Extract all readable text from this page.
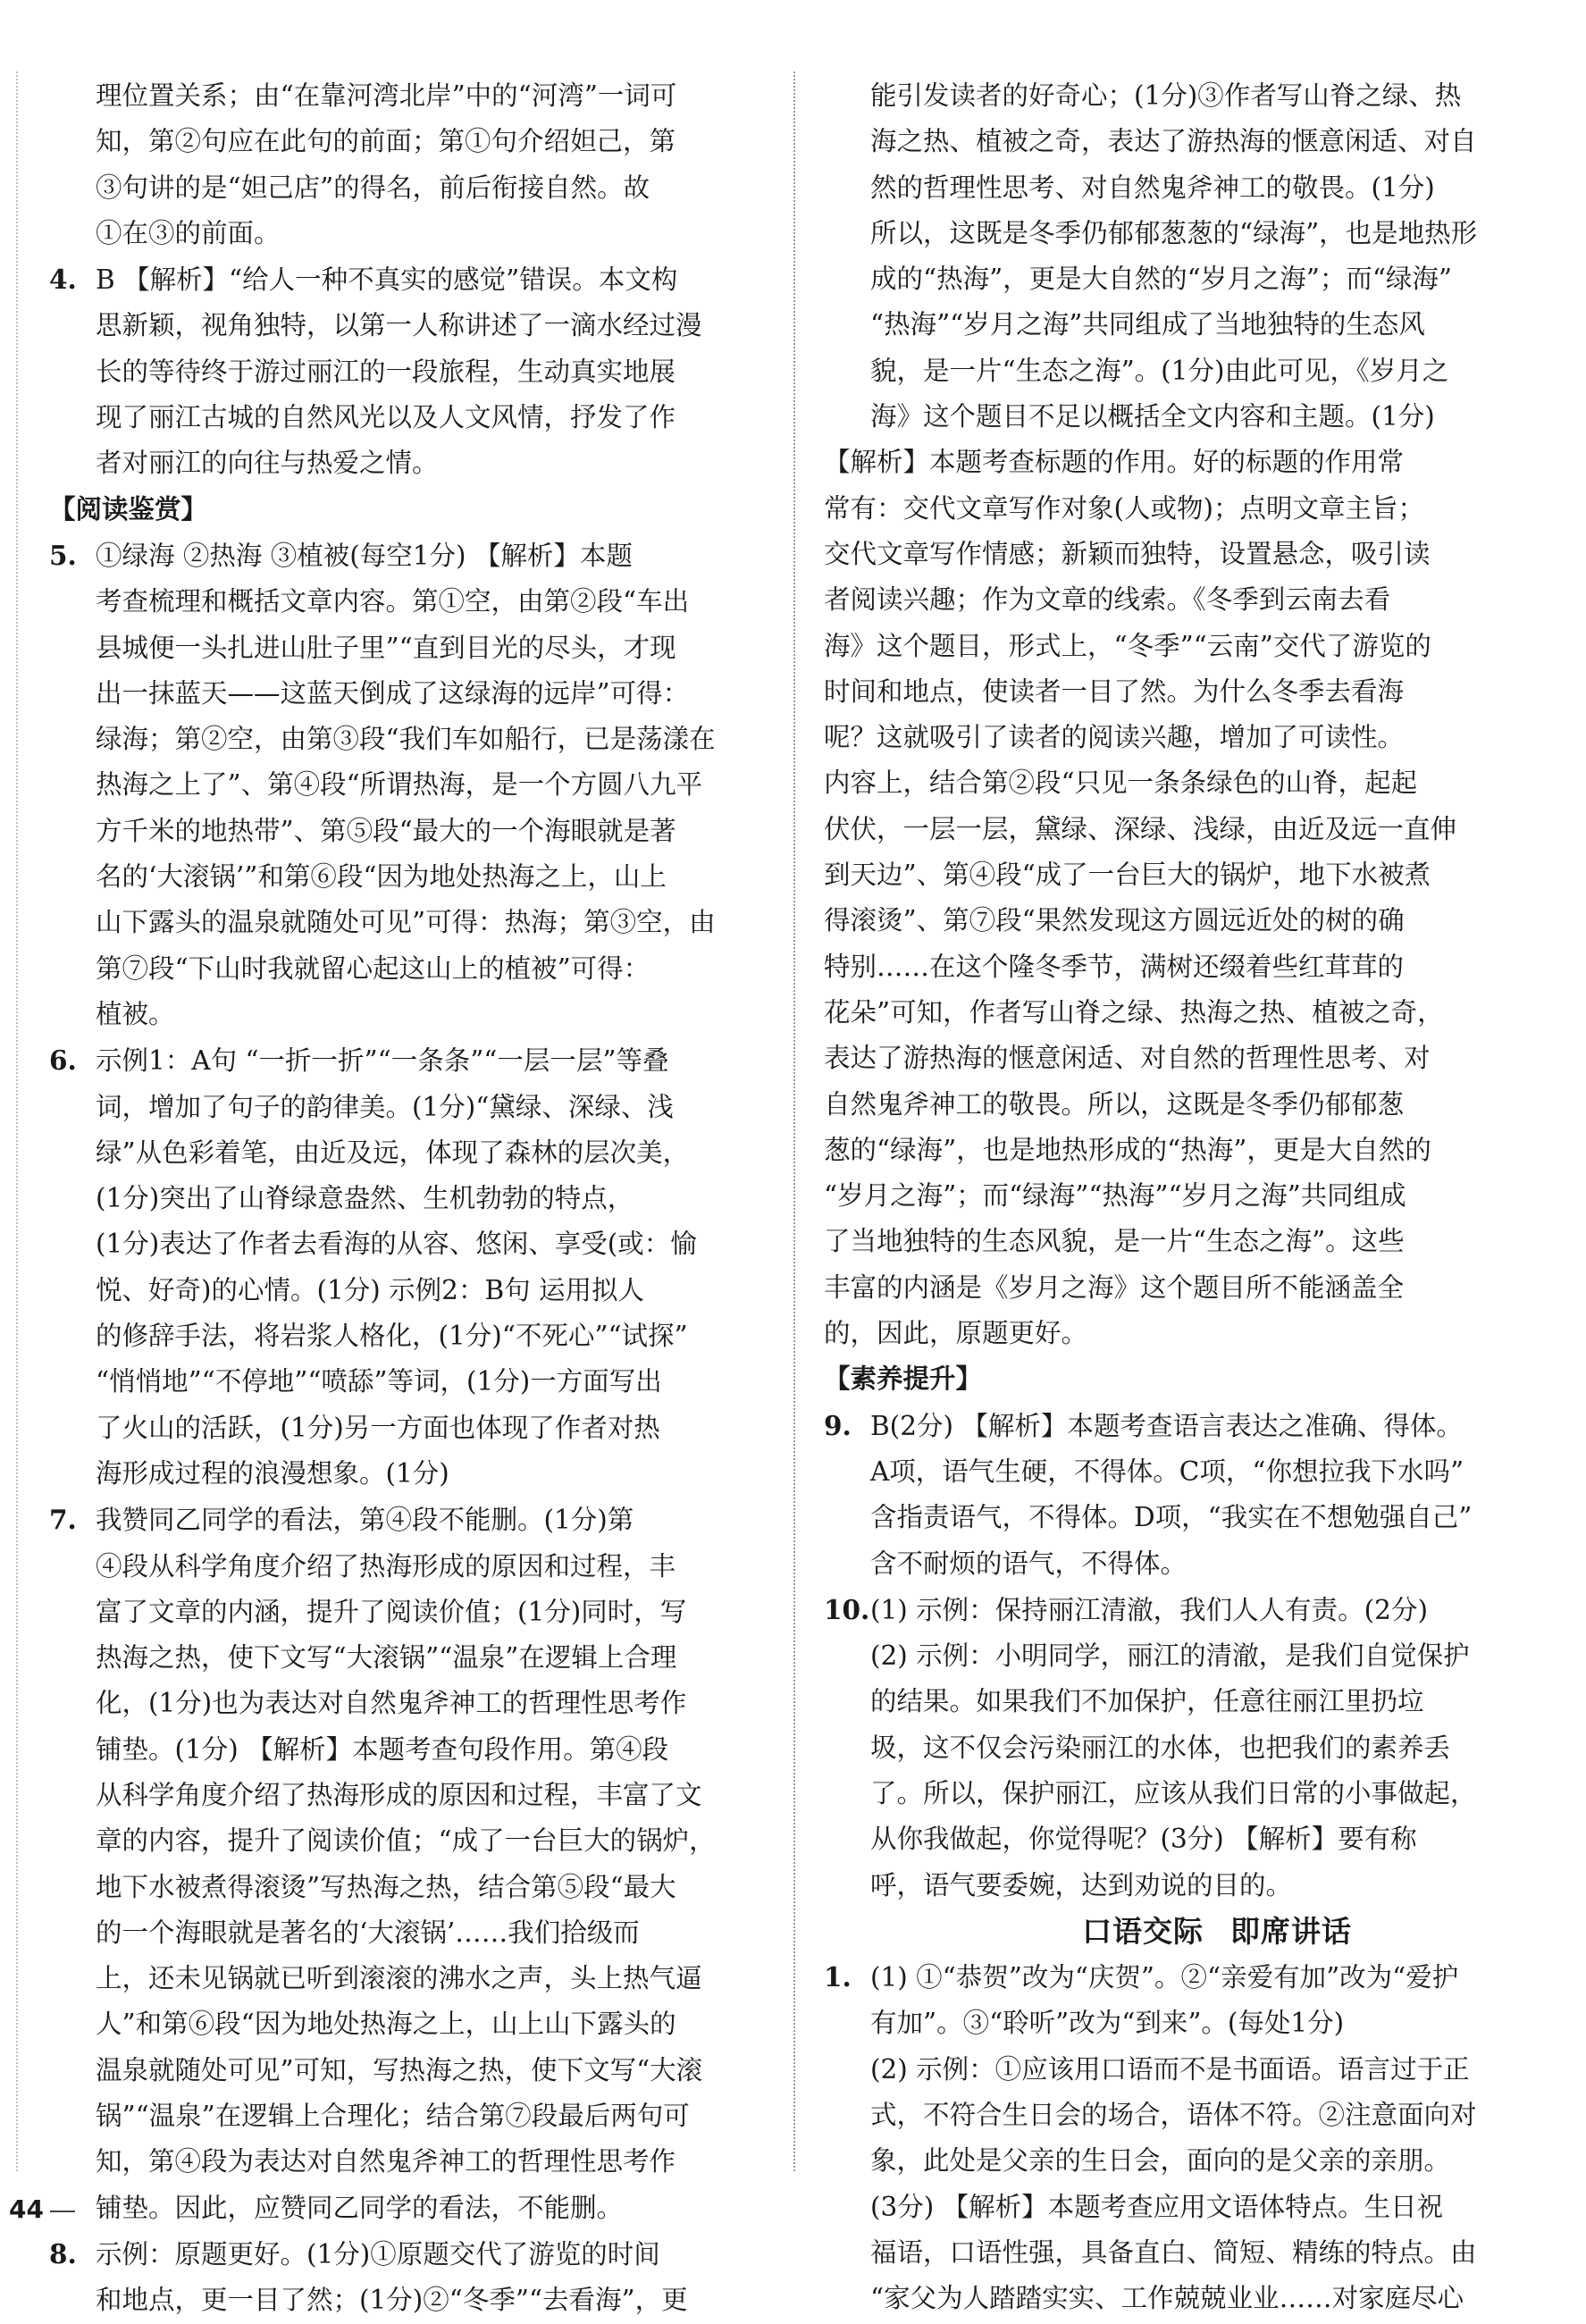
理位置关系；由“在靠河湾北岸”中的“河湾”一词可

知，第②句应在此句的前面；第①句介绍妲己，第

③句讲的是“妲己店”的得名，前后衔接自然。故

①在③的前面。

4. B 【解析】“给人一种不真实的感觉”错误。本文构

思新颖，视角独特，以第一人称讲述了一滴水经过漫

长的等待终于游过丽江的一段旅程，生动真实地展

现了丽江古城的自然风光以及人文风情，抒发了作

者对丽江的向往与热爱之情。

【阅读鉴赏】

5. ①绿海 ②热海 ③植被(每空1分) 【解析】本题

考查梳理和概括文章内容。第①空，由第②段“车出

县城便一头扎进山肚子里”“直到目光的尽头，才现

出一抹蓝天——这蓝天倒成了这绿海的远岸”可得：

绿海；第②空，由第③段“我们车如船行，已是荡漾在

热海之上了”、第④段“所谓热海，是一个方圆八九平

方千米的地热带”、第⑤段“最大的一个海眼就是著

名的‘大滚锅’”和第⑥段“因为地处热海之上，山上

山下露头的温泉就随处可见”可得：热海；第③空，由

第⑦段“下山时我就留心起这山上的植被”可得：

植被。

6. 示例1：A句 “一折一折”“一条条”“一层一层”等叠

词，增加了句子的韵律美。(1分)“黛绿、深绿、浅

绿”从色彩着笔，由近及远，体现了森林的层次美，

(1分)突出了山脊绿意盎然、生机勃勃的特点，

(1分)表达了作者去看海的从容、悠闲、享受(或：愉

悦、好奇)的心情。(1分) 示例2：B句 运用拟人

的修辞手法，将岩浆人格化，(1分)“不死心”“试探”

“悄悄地”“不停地”“喷舔”等词，(1分)一方面写出

了火山的活跃，(1分)另一方面也体现了作者对热

海形成过程的浪漫想象。(1分)

7. 我赞同乙同学的看法，第④段不能删。(1分)第

④段从科学角度介绍了热海形成的原因和过程，丰

富了文章的内涵，提升了阅读价值；(1分)同时，写

热海之热，使下文写“大滚锅”“温泉”在逻辑上合理

化，(1分)也为表达对自然鬼斧神工的哲理性思考作

铺垫。(1分) 【解析】本题考查句段作用。第④段

从科学角度介绍了热海形成的原因和过程，丰富了文

章的内容，提升了阅读价值；“成了一台巨大的锅炉，

地下水被煮得滚烫”写热海之热，结合第⑤段“最大

的一个海眼就是著名的‘大滚锅’……我们拾级而

上，还未见锅就已听到滚滚的沸水之声，头上热气逼

人”和第⑥段“因为地处热海之上，山上山下露头的

温泉就随处可见”可知，写热海之热，使下文写“大滚

锅”“温泉”在逻辑上合理化；结合第⑦段最后两句可

知，第④段为表达对自然鬼斧神工的哲理性思考作

铺垫。因此，应赞同乙同学的看法，不能删。

8. 示例：原题更好。(1分)①原题交代了游览的时间

和地点，更一目了然；(1分)②“冬季”“去看海”，更

能引发读者的好奇心；(1分)③作者写山脊之绿、热

海之热、植被之奇，表达了游热海的惬意闲适、对自

然的哲理性思考、对自然鬼斧神工的敬畏。(1分)

所以，这既是冬季仍郁郁葱葱的“绿海”，也是地热形

成的“热海”，更是大自然的“岁月之海”；而“绿海”

“热海”“岁月之海”共同组成了当地独特的生态风

貌，是一片“生态之海”。(1分)由此可见，《岁月之

海》这个题目不足以概括全文内容和主题。(1分)

【解析】本题考查标题的作用。好的标题的作用常

常有：交代文章写作对象(人或物)；点明文章主旨；

交代文章写作情感；新颖而独特，设置悬念，吸引读

者阅读兴趣；作为文章的线索。《冬季到云南去看

海》这个题目，形式上，“冬季”“云南”交代了游览的

时间和地点，使读者一目了然。为什么冬季去看海

呢？这就吸引了读者的阅读兴趣，增加了可读性。

内容上，结合第②段“只见一条条绿色的山脊，起起

伏伏，一层一层，黛绿、深绿、浅绿，由近及远一直伸

到天边”、第④段“成了一台巨大的锅炉，地下水被煮

得滚烫”、第⑦段“果然发现这方圆远近处的树的确

特别……在这个隆冬季节，满树还缀着些红茸茸的

花朵”可知，作者写山脊之绿、热海之热、植被之奇，

表达了游热海的惬意闲适、对自然的哲理性思考、对

自然鬼斧神工的敬畏。所以，这既是冬季仍郁郁葱

葱的“绿海”，也是地热形成的“热海”，更是大自然的

“岁月之海”；而“绿海”“热海”“岁月之海”共同组成

了当地独特的生态风貌，是一片“生态之海”。这些

丰富的内涵是《岁月之海》这个题目所不能涵盖全

的，因此，原题更好。

【素养提升】

9. B(2分) 【解析】本题考查语言表达之准确、得体。

A项，语气生硬，不得体。C项，“你想拉我下水吗”

含指责语气，不得体。D项，“我实在不想勉强自己”

含不耐烦的语气，不得体。

10.(1) 示例：保持丽江清澈，我们人人有责。(2分)

(2) 示例：小明同学，丽江的清澈，是我们自觉保护

的结果。如果我们不加保护，任意往丽江里扔垃

圾，这不仅会污染丽江的水体，也把我们的素养丢

了。所以，保护丽江，应该从我们日常的小事做起，

从你我做起，你觉得呢？(3分) 【解析】要有称

呼，语气要委婉，达到劝说的目的。

口语交际 即席讲话

1. (1) ①“恭贺”改为“庆贺”。②“亲爱有加”改为“爱护

有加”。③“聆听”改为“到来”。(每处1分)

(2) 示例：①应该用口语而不是书面语。语言过于正

式，不符合生日会的场合，语体不符。②注意面向对

象，此处是父亲的生日会，面向的是父亲的亲朋。

(3分) 【解析】本题考查应用文语体特点。生日祝

福语，口语性强，具备直白、简短、精练的特点。由

“家父为人踏踏实实、工作兢兢业业……对家庭尽心

44
